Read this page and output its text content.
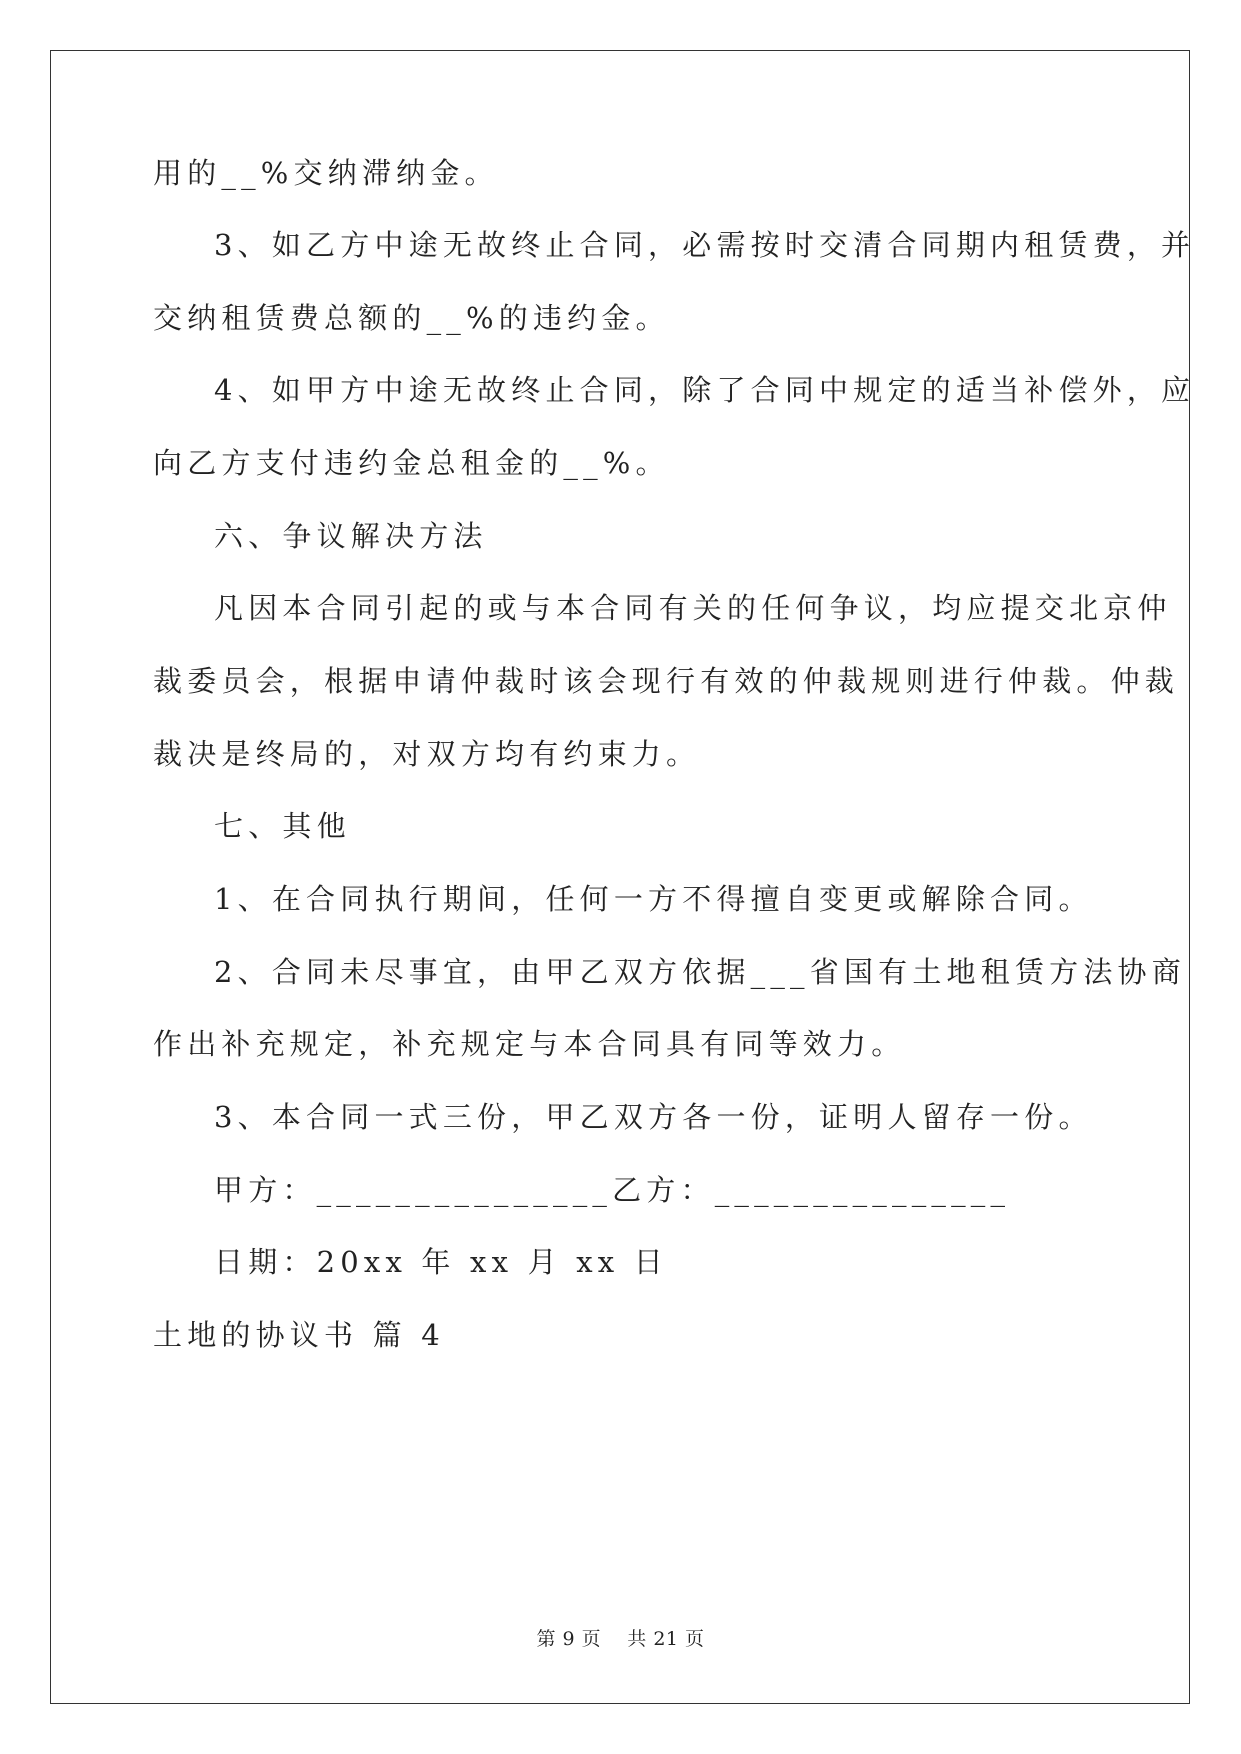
用的__%交纳滞纳金。
3、如乙方中途无故终止合同，必需按时交清合同期内租赁费，并
交纳租赁费总额的__%的违约金。
4、如甲方中途无故终止合同，除了合同中规定的适当补偿外，应
向乙方支付违约金总租金的__%。
六、争议解决方法
凡因本合同引起的或与本合同有关的任何争议，均应提交北京仲
裁委员会，根据申请仲裁时该会现行有效的仲裁规则进行仲裁。仲裁
裁决是终局的，对双方均有约束力。
七、其他
1、在合同执行期间，任何一方不得擅自变更或解除合同。
2、合同未尽事宜，由甲乙双方依据___省国有土地租赁方法协商
作出补充规定，补充规定与本合同具有同等效力。
3、本合同一式三份，甲乙双方各一份，证明人留存一份。
甲方：_______________乙方：_______________
日期：20xx 年 xx 月 xx 日
土地的协议书 篇 4
第 9 页 共 21 页
